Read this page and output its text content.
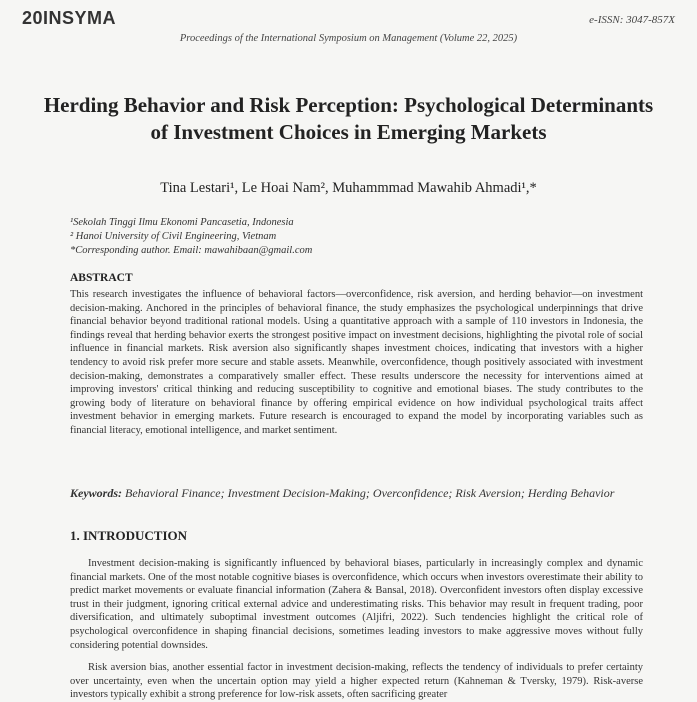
20INSYMA	e-ISSN: 3047-857X
Proceedings of the International Symposium on Management (Volume 22, 2025)
Herding Behavior and Risk Perception: Psychological Determinants of Investment Choices in Emerging Markets
Tina Lestari¹, Le Hoai Nam², Muhammmad Mawahib Ahmadi¹,*
¹Sekolah Tinggi Ilmu Ekonomi Pancasetia, Indonesia
² Hanoi University of Civil Engineering, Vietnam
*Corresponding author. Email: mawahibaan@gmail.com
ABSTRACT

This research investigates the influence of behavioral factors—overconfidence, risk aversion, and herding behavior—on investment decision-making. Anchored in the principles of behavioral finance, the study emphasizes the psychological underpinnings that drive financial behavior beyond traditional rational models. Using a quantitative approach with a sample of 110 investors in Indonesia, the findings reveal that herding behavior exerts the strongest positive impact on investment decisions, highlighting the pivotal role of social influence in financial markets. Risk aversion also significantly shapes investment choices, indicating that investors with a higher tendency to avoid risk prefer more secure and stable assets. Meanwhile, overconfidence, though positively associated with investment decision-making, demonstrates a comparatively smaller effect. These results underscore the necessity for interventions aimed at improving investors' critical thinking and reducing susceptibility to cognitive and emotional biases. The study contributes to the growing body of literature on behavioral finance by offering empirical evidence on how individual psychological traits affect investment behavior in emerging markets. Future research is encouraged to expand the model by incorporating variables such as financial literacy, emotional intelligence, and market sentiment.

Keywords: Behavioral Finance; Investment Decision-Making; Overconfidence; Risk Aversion; Herding Behavior
1. INTRODUCTION

Investment decision-making is significantly influenced by behavioral biases, particularly in increasingly complex and dynamic financial markets. One of the most notable cognitive biases is overconfidence, which occurs when investors overestimate their ability to predict market movements or evaluate financial information (Zahera & Bansal, 2018). Overconfident investors often display excessive trust in their judgment, ignoring critical external advice and underestimating risks. This behavior may result in frequent trading, poor diversification, and ultimately suboptimal investment outcomes (Aljifri, 2022). Such tendencies highlight the critical role of psychological overconfidence in shaping financial decisions, sometimes leading investors to make aggressive moves without fully considering potential downsides.

Risk aversion bias, another essential factor in investment decision-making, reflects the tendency of individuals to prefer certainty over uncertainty, even when the uncertain option may yield a higher expected return (Kahneman & Tversky, 1979). Risk-averse investors typically exhibit a strong preference for low-risk assets, often sacrificing greater
